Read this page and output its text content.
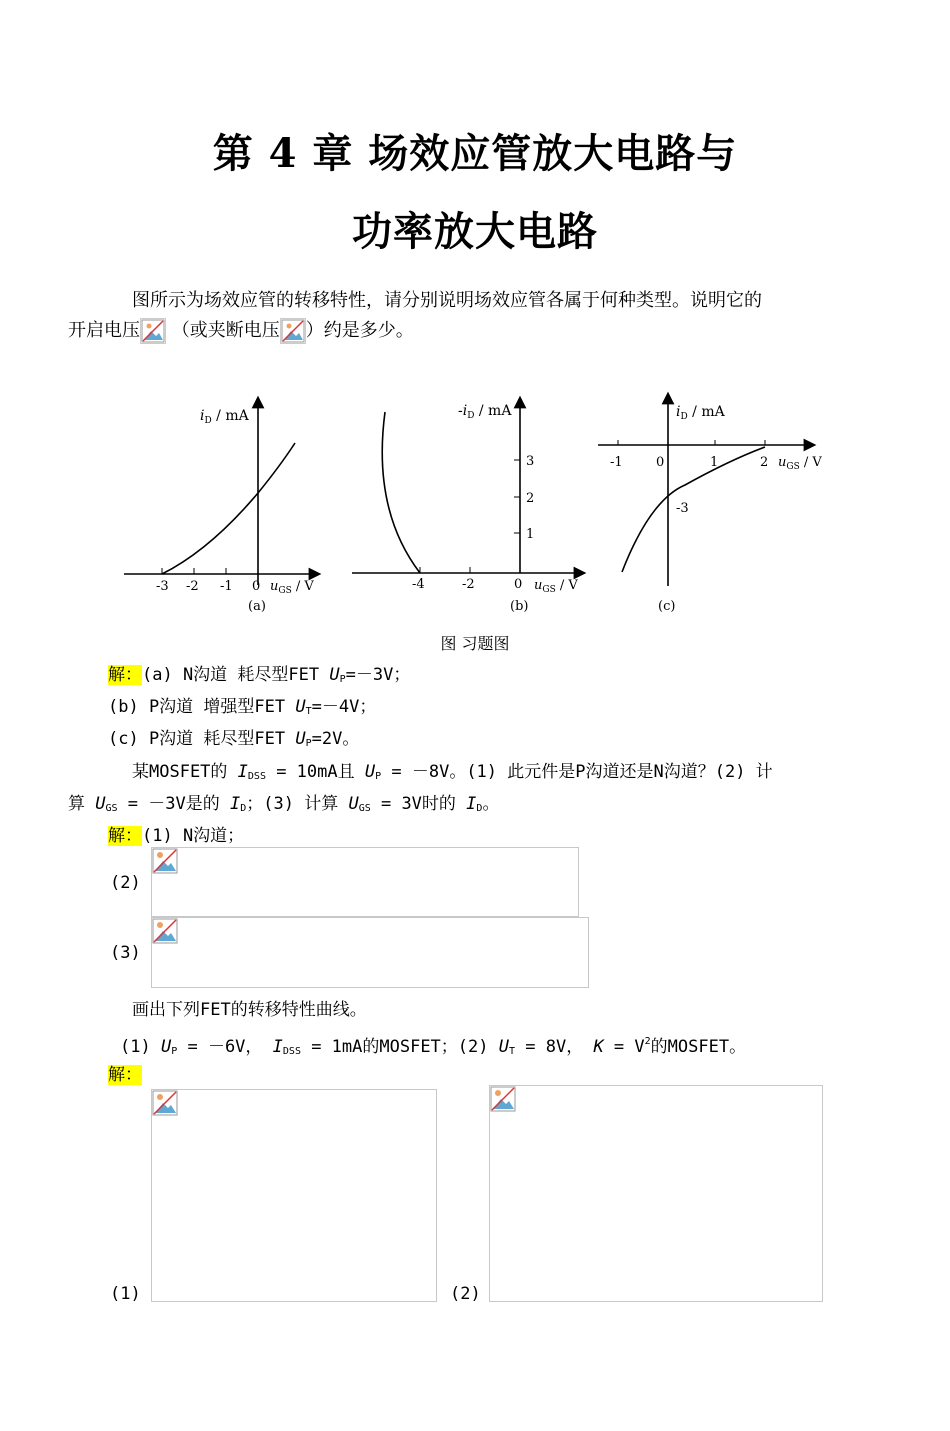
第 4 章 场效应管放大电路与
功率放大电路
图所示为场效应管的转移特性，请分别说明场效应管各属于何种类型。说明它的
开启电压 （或夹断电压 ）约是多少。
$i_D$ / mA
-3 -2 -1 0 $u_{GS}$ / V
(a)
$-i_D$ / mA
3
2
1
-4	-2	0 $u_{GS}$ / V
(b)
$i_D$ / mA
-1	0	1	2 $u_{GS}$ / V
-3
(c)
图 习题图
解：(a) N沟道 耗尽型FET $U_P=-3V$；
(b) P沟道 增强型FET $U_T=-4V$；
(c) P沟道 耗尽型FET $U_P=2V$。
某MOSFET的 $I_{DSS} = 10mA$且 $U_P = -8V$。(1) 此元件是P沟道还是N沟道？(2) 计
算 $U_{GS} = -3V$是的 $I_D$；(3) 计算 $U_{GS} = 3V$时的 $I_D$。
解：(1) N沟道；
(2)
(3)
画出下列FET的转移特性曲线。
(1) $U_P = -6V$， $I_{DSS} = 1mA$的MOSFET；(2) $U_T = 8V$， $K = V^2$的MOSFET。
解：
(1)	(2)
